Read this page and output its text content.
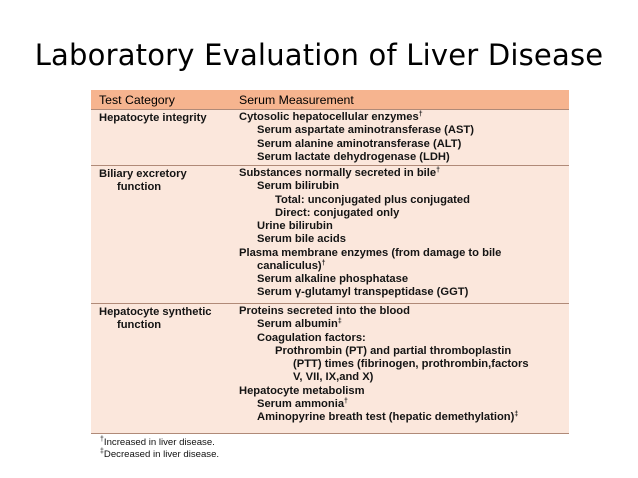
Laboratory Evaluation of Liver Disease
Test Category	Serum Measurement
Hepatocyte integrity	Cytosolic hepatocellular enzymes†
Serum aspartate aminotransferase (AST)
Serum alanine aminotransferase (ALT)
Serum lactate dehydrogenase (LDH)
Biliary excretory
function
Substances normally secreted in bile†
Serum bilirubin
Total: unconjugated plus conjugated
Direct: conjugated only
Urine bilirubin
Serum bile acids
Plasma membrane enzymes (from damage to bile
canaliculus)†
Serum alkaline phosphatase
Serum γ-glutamyl transpeptidase (GGT)
Hepatocyte synthetic
function
Proteins secreted into the blood
Serum albumin‡
Coagulation factors:
Prothrombin (PT) and partial thromboplastin
(PTT) times (fibrinogen, prothrombin,factors
V, VII, IX,and X)
Hepatocyte metabolism
Serum ammonia†
Aminopyrine breath test (hepatic demethylation)‡
†Increased in liver disease.
‡Decreased in liver disease.
